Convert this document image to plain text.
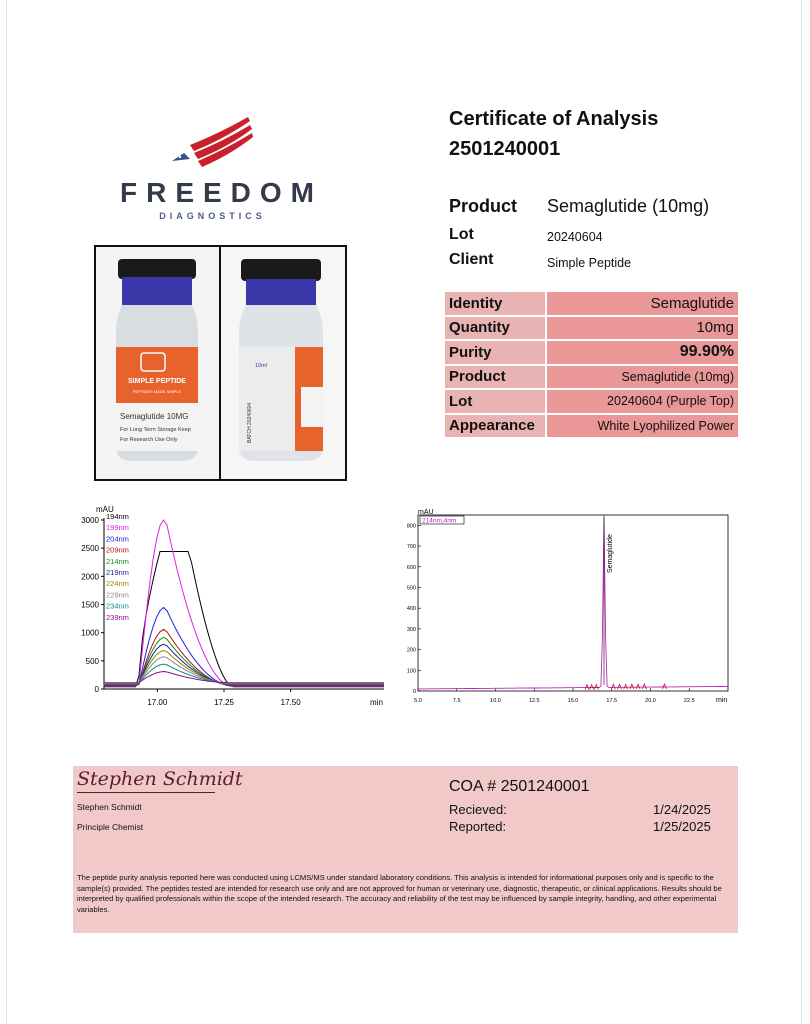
FREEDOM
DIAGNOSTICS
Certificate of Analysis
2501240001
Product Semaglutide (10mg)
Lot	20240604
Client	Simple Peptide
Identity	Semaglutide
Quantity	10mg
Purity	99.90%
Product	Semaglutide (10mg)
Lot	20240604 (Purple Top)
Appearance	White Lyophilized Power
SIMPLE PEPTIDE
PEPTIDES MADE SIMPLE
Semaglutide 10MG
For Long Term Storage Keep
For Research Use Only
10ml
BATCH 20240604
0
500
1000
1500
2000
2500
3000
17.00	17.25	17.50
194nm
199nm
204nm
209nm
214nm
219nm
224nm
229nm
234nm
239nm
mAU
min
0
100
200
300
400
500
600
700
800
5.0	7.5	10.0	12.5	15.0	17.5	20.0	22.5
214nm,4nm
Semaglutide
mAU
min
Stephen Schmidt
Stephen Schmidt
Principle Chemist
COA # 2501240001
Recieved:	1/24/2025
Reported:	1/25/2025
The peptide purity analysis reported here was conducted using LCMS/MS under standard laboratory conditions. This analysis is intended for informational purposes only and is specific to the sample(s) provided. The peptides tested are intended for research use only and are not approved for human or veterinary use, diagnostic, therapeutic, or clinical applications. Results should be interpreted by qualified professionals within the scope of the intended research. The accuracy and reliability of the test may be influenced by sample integrity, handling, and other experimental variables.
